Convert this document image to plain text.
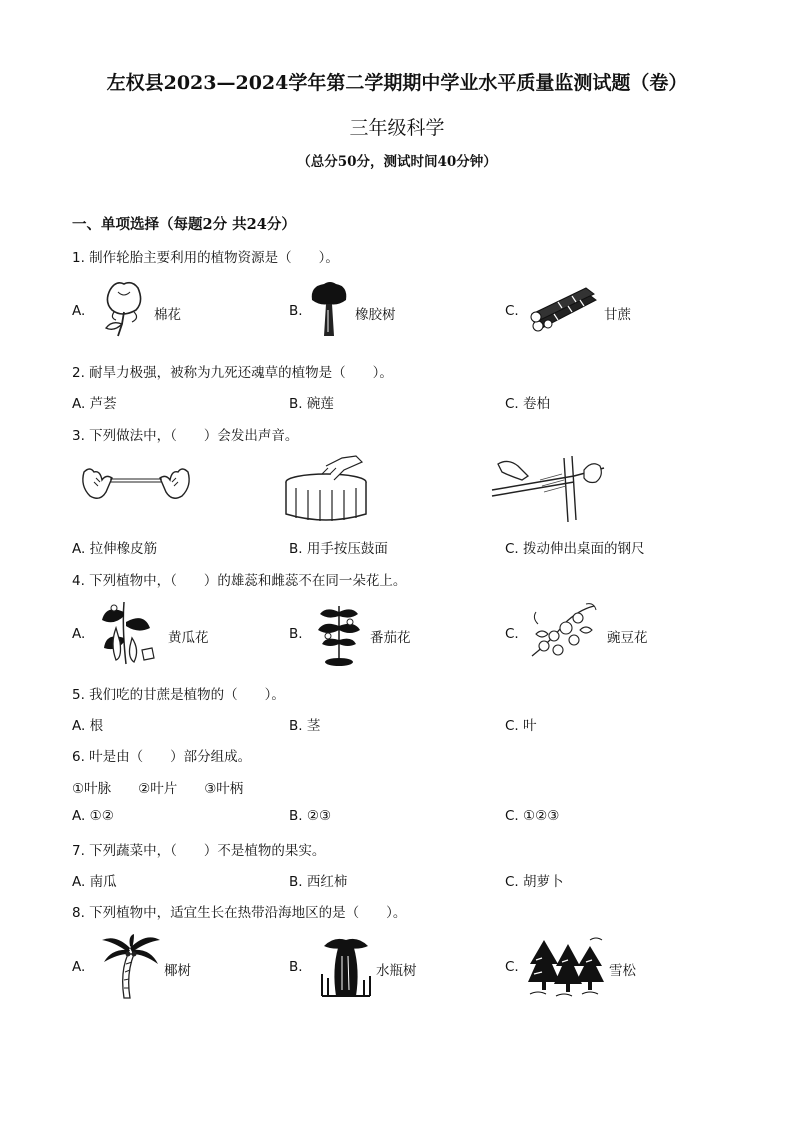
左权县2023—2024学年第二学期期中学业水平质量监测试题（卷）
三年级科学
（总分50分，测试时间40分钟）
一、单项选择（每题2分 共24分）
1. 制作轮胎主要利用的植物资源是（　　）。
A.	棉花	B.	橡胶树	C.	甘蔗
2. 耐旱力极强，被称为九死还魂草的植物是（　　）。
A. 芦荟	B. 碗莲	C. 卷柏
3. 下列做法中，（　　）会发出声音。
A. 拉伸橡皮筋	B. 用手按压鼓面	C. 拨动伸出桌面的钢尺
4. 下列植物中，（　　）的雄蕊和雌蕊不在同一朵花上。
A.	黄瓜花	B.	番茄花	C.	豌豆花
5. 我们吃的甘蔗是植物的（　　）。
A. 根	B. 茎	C. 叶
6. 叶是由（　　）部分组成。
①叶脉　　②叶片　　③叶柄
A. ①②	B. ②③	C. ①②③
7. 下列蔬菜中，（　　）不是植物的果实。
A. 南瓜	B. 西红柿	C. 胡萝卜
8. 下列植物中，适宜生长在热带沿海地区的是（　　）。
A.	椰树	B.	水瓶树	C.	雪松
